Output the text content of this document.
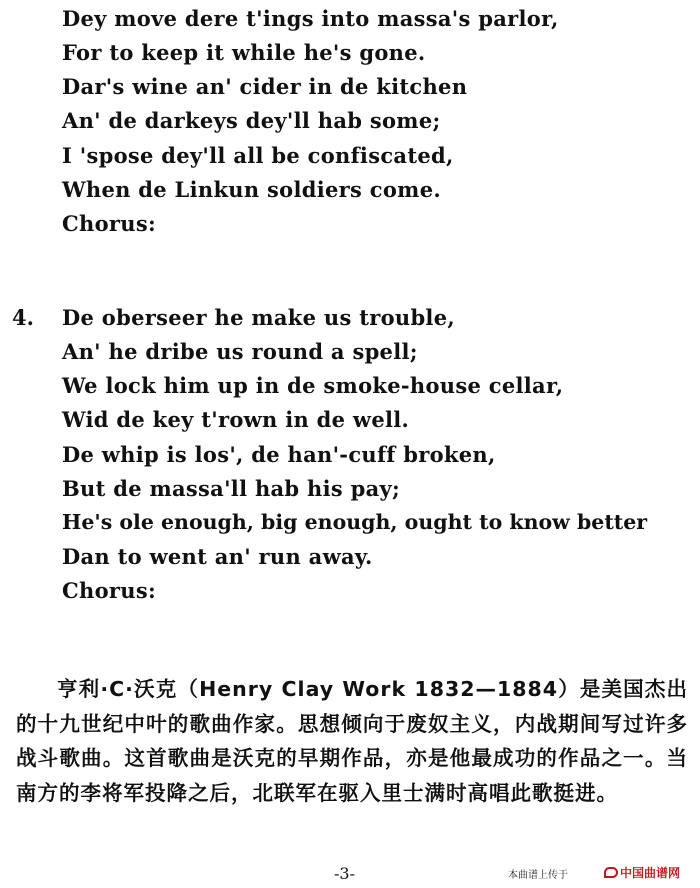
Dey move dere t'ings into massa's parlor,
For to keep it while he's gone.
Dar's wine an' cider in de kitchen
An' de darkeys dey'll hab some;
I 'spose dey'll all be confiscated,
When de Linkun soldiers come.
Chorus:
4. De oberseer he make us trouble,
An' he dribe us round a spell;
We lock him up in de smoke-house cellar,
Wid de key t'rown in de well.
De whip is los', de han'-cuff broken,
But de massa'll hab his pay;
He's ole enough, big enough, ought to know better
Dan to went an' run away.
Chorus:
亨利·C·沃克（Henry Clay Work 1832—1884）是美国杰出的十九世纪中叶的歌曲作家。思想倾向于废奴主义，内战期间写过许多战斗歌曲。这首歌曲是沃克的早期作品，亦是他最成功的作品之一。当南方的李将军投降之后，北联军在驱入里士满时高唱此歌挺进。
-3-	本曲谱上传于	中国曲谱网
